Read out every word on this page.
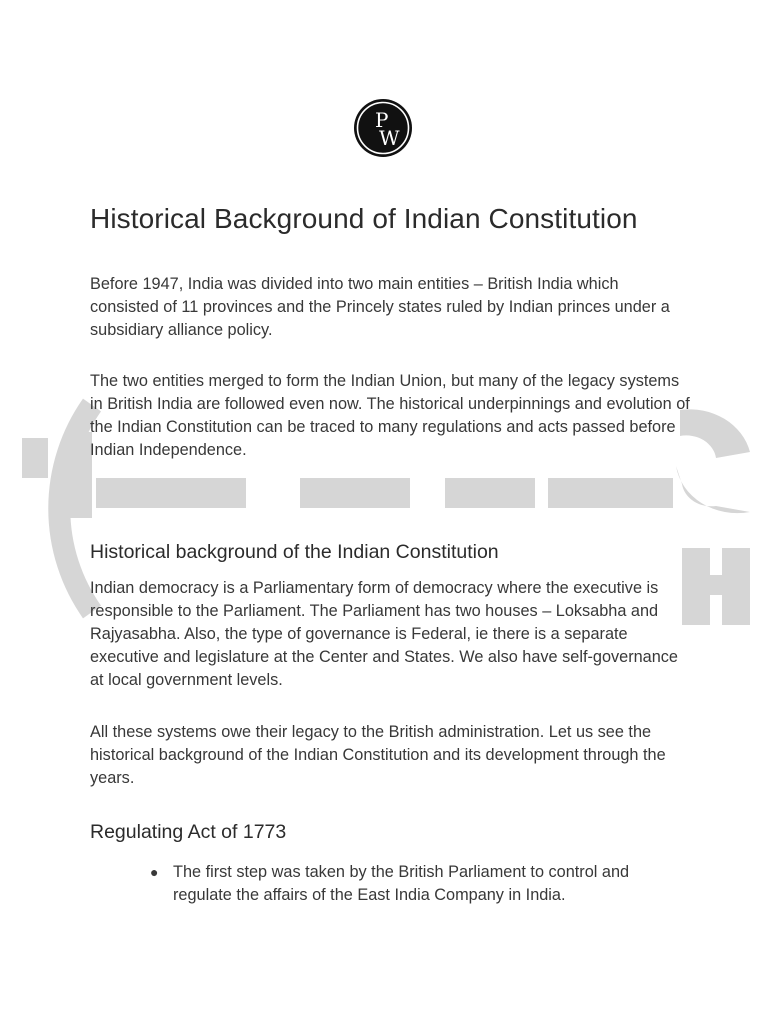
P
W
Historical Background of Indian Constitution

Before 1947, India was divided into two main entities – British India which consisted of 11 provinces and the Princely states ruled by Indian princes under a subsidiary alliance policy.

The two entities merged to form the Indian Union, but many of the legacy systems in British India are followed even now. The historical underpinnings and evolution of the Indian Constitution can be traced to many regulations and acts passed before Indian Independence.

Historical background of the Indian Constitution

Indian democracy is a Parliamentary form of democracy where the executive is responsible to the Parliament. The Parliament has two houses – Loksabha and Rajyasabha. Also, the type of governance is Federal, ie there is a separate executive and legislature at the Center and States. We also have self-governance at local government levels.

All these systems owe their legacy to the British administration. Let us see the historical background of the Indian Constitution and its development through the years.

Regulating Act of 1773
● The first step was taken by the British Parliament to control and regulate the affairs of the East India Company in India.
